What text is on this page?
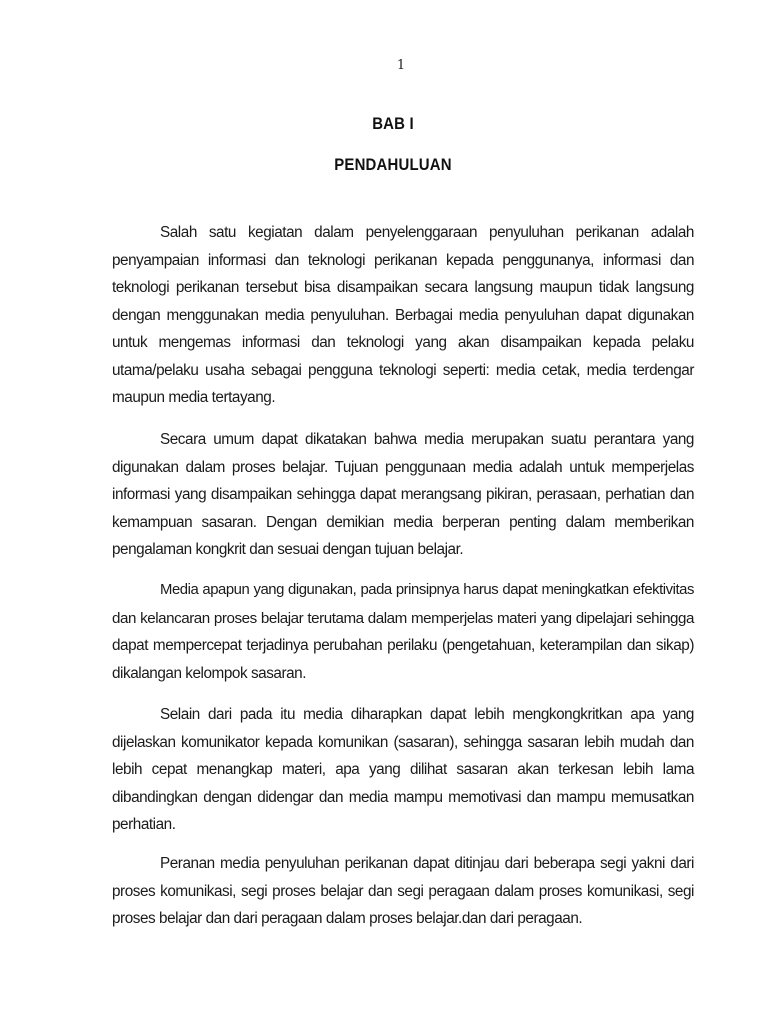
1
BAB I
PENDAHULUAN
Salah satu kegiatan dalam penyelenggaraan penyuluhan perikanan adalah
penyampaian informasi dan teknologi perikanan kepada penggunanya, informasi dan
teknologi perikanan tersebut bisa disampaikan secara langsung maupun tidak langsung
dengan menggunakan media penyuluhan. Berbagai media penyuluhan dapat digunakan
untuk mengemas informasi dan teknologi yang akan disampaikan kepada pelaku
utama/pelaku usaha sebagai pengguna teknologi seperti: media cetak, media terdengar
maupun media tertayang.
Secara umum dapat dikatakan bahwa media merupakan suatu perantara yang
digunakan dalam proses belajar. Tujuan penggunaan media adalah untuk memperjelas
informasi yang disampaikan sehingga dapat merangsang pikiran, perasaan, perhatian dan
kemampuan sasaran. Dengan demikian media berperan penting dalam memberikan
pengalaman kongkrit dan sesuai dengan tujuan belajar.
Media apapun yang digunakan, pada prinsipnya harus dapat meningkatkan efektivitas
dan kelancaran proses belajar terutama dalam memperjelas materi yang dipelajari sehingga
dapat mempercepat terjadinya perubahan perilaku (pengetahuan, keterampilan dan sikap)
dikalangan kelompok sasaran.
Selain dari pada itu media diharapkan dapat lebih mengkongkritkan apa yang
dijelaskan komunikator kepada komunikan (sasaran), sehingga sasaran lebih mudah dan
lebih cepat menangkap materi, apa yang dilihat sasaran akan terkesan lebih lama
dibandingkan dengan didengar dan media mampu memotivasi dan mampu memusatkan
perhatian.
Peranan media penyuluhan perikanan dapat ditinjau dari beberapa segi yakni dari
proses komunikasi, segi proses belajar dan segi peragaan dalam proses komunikasi, segi
proses belajar dan dari peragaan dalam proses belajar.dan dari peragaan.
